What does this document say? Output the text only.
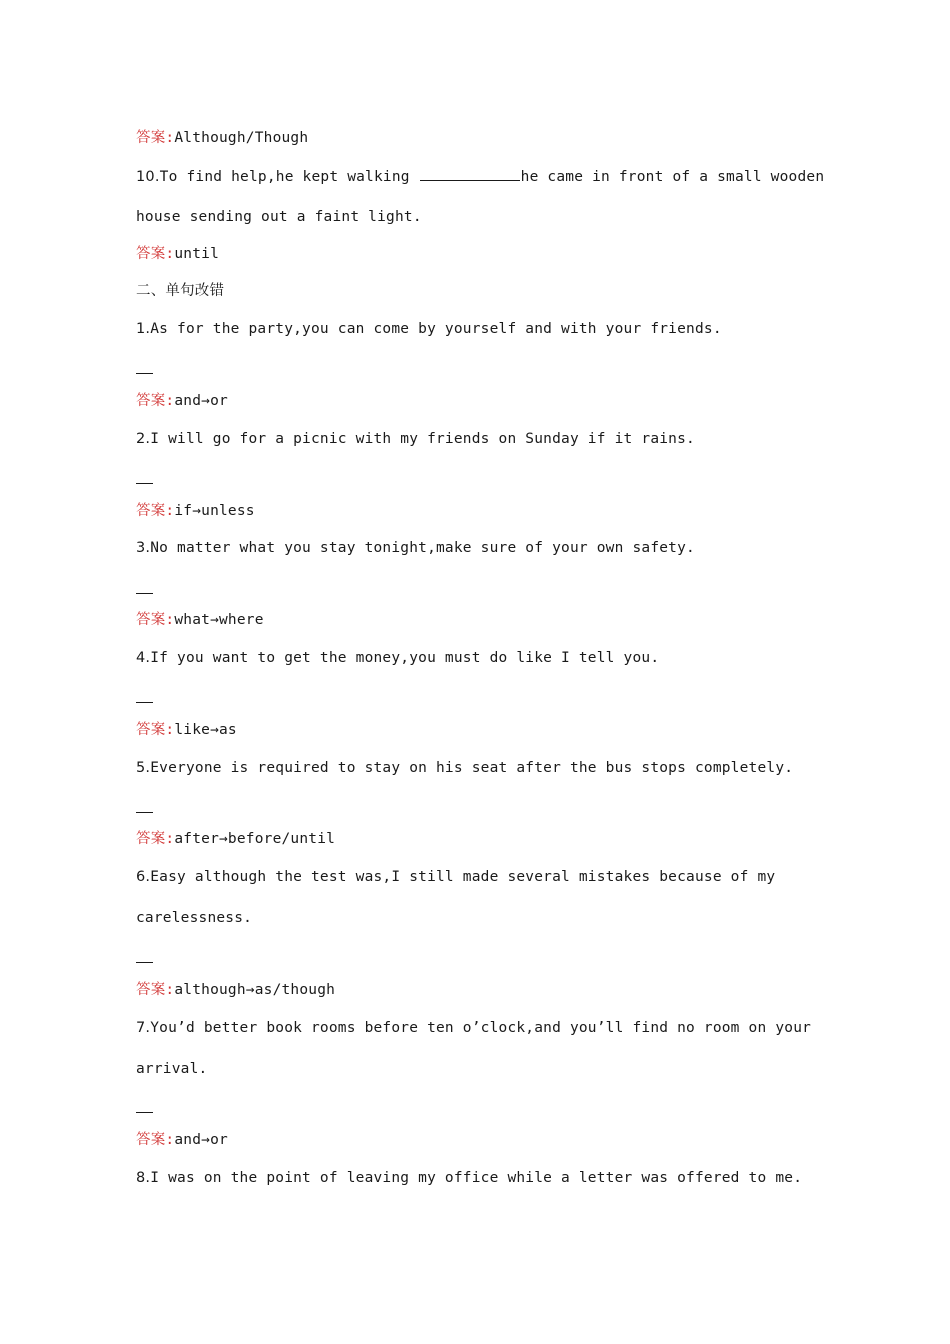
答案:Although/Though
10.To find help,he kept walking	he came in front of a small wooden
house sending out a faint light.
答案:until
二、单句改错
1.As for the party,you can come by yourself and with your friends.
答案:and→or
2.I will go for a picnic with my friends on Sunday if it rains.
答案:if→unless
3.No matter what you stay tonight,make sure of your own safety.
答案:what→where
4.If you want to get the money,you must do like I tell you.
答案:like→as
5.Everyone is required to stay on his seat after the bus stops completely.
答案:after→before/until
6.Easy although the test was,I still made several mistakes because of my
carelessness.
答案:although→as/though
7.You’d better book rooms before ten o’clock,and you’ll find no room on your
arrival.
答案:and→or
8.I was on the point of leaving my office while a letter was offered to me.
